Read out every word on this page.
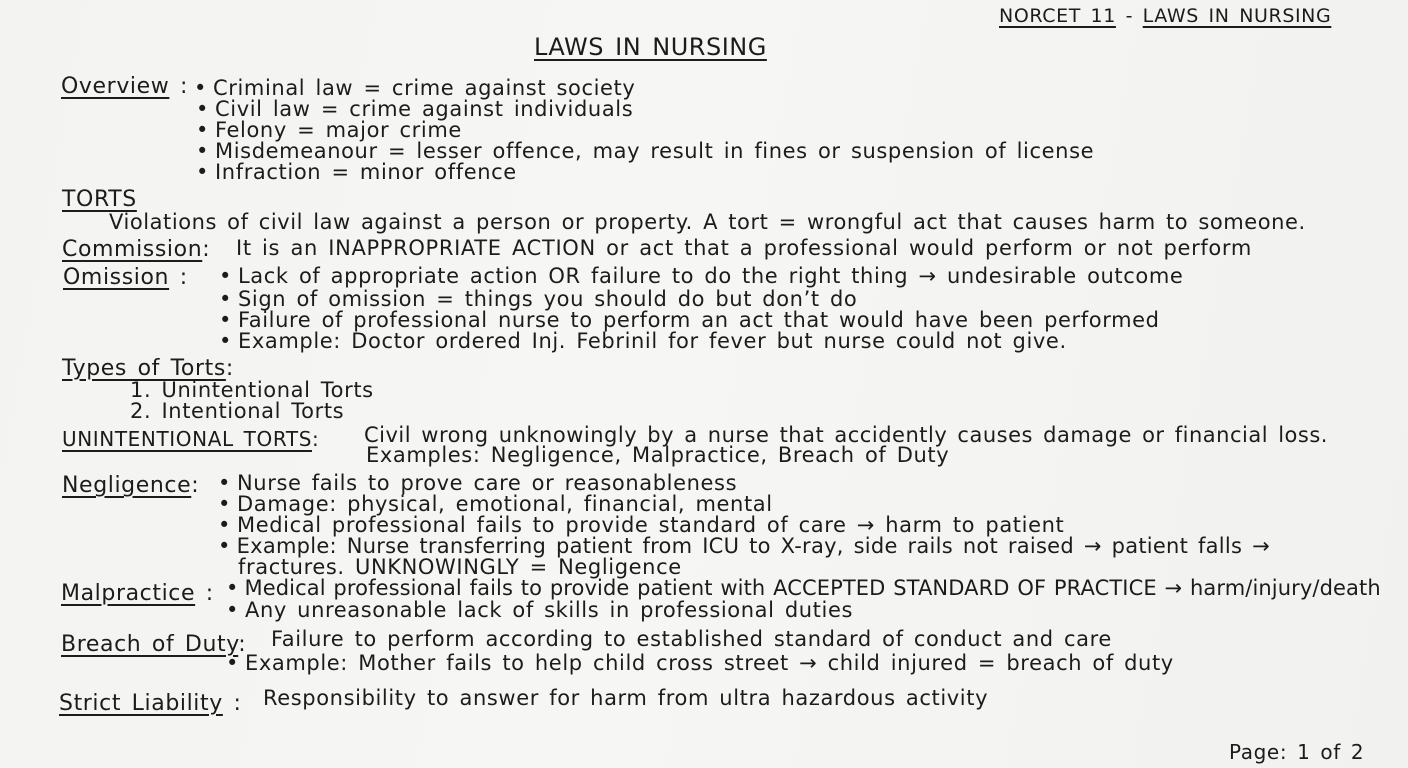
NORCET 11 - LAWS IN NURSING
LAWS IN NURSING
Overview :	• Criminal law = crime against society
• Civil law = crime against individuals
• Felony = major crime
• Misdemeanour = lesser offence, may result in fines or suspension of license
• Infraction = minor offence
TORTS
Violations of civil law against a person or property. A tort = wrongful act that causes harm to someone.
Commission: It is an INAPPROPRIATE ACTION or act that a professional would perform or not perform
Omission :	• Lack of appropriate action OR failure to do the right thing → undesirable outcome
• Sign of omission = things you should do but don’t do
• Failure of professional nurse to perform an act that would have been performed
• Example: Doctor ordered Inj. Febrinil for fever but nurse could not give.
Types of Torts:
1. Unintentional Torts
2. Intentional Torts
UNINTENTIONAL TORTS: Civil wrong unknowingly by a nurse that accidently causes damage or financial loss.
Examples: Negligence, Malpractice, Breach of Duty
Negligence:	• Nurse fails to prove care or reasonableness
• Damage: physical, emotional, financial, mental
• Medical professional fails to provide standard of care → harm to patient
• Example: Nurse transferring patient from ICU to X-ray, side rails not raised → patient falls →
fractures. UNKNOWINGLY = Negligence
Malpractice :	• Medical professional fails to provide patient with ACCEPTED STANDARD OF PRACTICE → harm/injury/death
• Any unreasonable lack of skills in professional duties
Breach of Duty: Failure to perform according to established standard of conduct and care
• Example: Mother fails to help child cross street → child injured = breach of duty
Strict Liability : Responsibility to answer for harm from ultra hazardous activity
Page: 1 of 2
